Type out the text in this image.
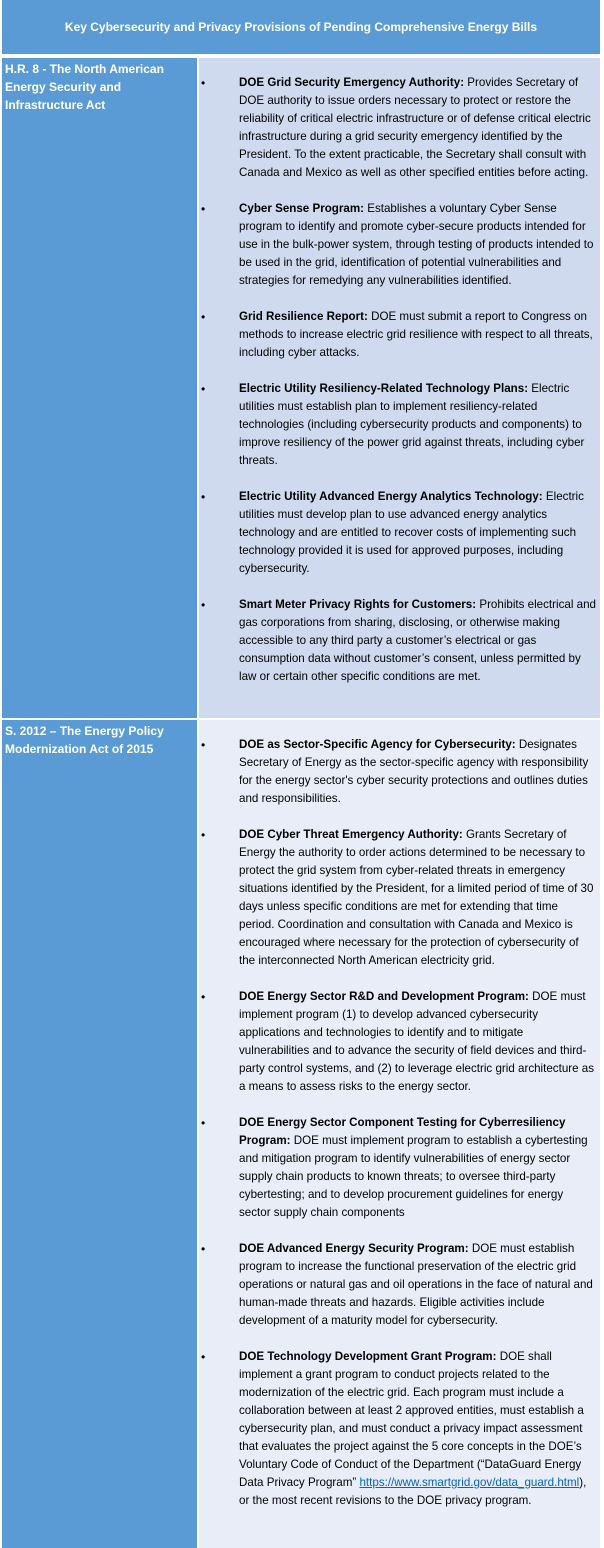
Key Cybersecurity and Privacy Provisions of Pending Comprehensive Energy Bills
H.R. 8 - The North American Energy Security and Infrastructure Act
•	DOE Grid Security Emergency Authority: Provides Secretary of DOE authority to issue orders necessary to protect or restore the reliability of critical electric infrastructure or of defense critical electric infrastructure during a grid security emergency identified by the President. To the extent practicable, the Secretary shall consult with Canada and Mexico as well as other specified entities before acting.
•	Cyber Sense Program: Establishes a voluntary Cyber Sense program to identify and promote cyber-secure products intended for use in the bulk-power system, through testing of products intended to be used in the grid, identification of potential vulnerabilities and strategies for remedying any vulnerabilities identified.
•	Grid Resilience Report: DOE must submit a report to Congress on methods to increase electric grid resilience with respect to all threats, including cyber attacks.
•	Electric Utility Resiliency-Related Technology Plans: Electric utilities must establish plan to implement resiliency-related technologies (including cybersecurity products and components) to improve resiliency of the power grid against threats, including cyber threats.
•	Electric Utility Advanced Energy Analytics Technology: Electric utilities must develop plan to use advanced energy analytics technology and are entitled to recover costs of implementing such technology provided it is used for approved purposes, including cybersecurity.
•	Smart Meter Privacy Rights for Customers: Prohibits electrical and gas corporations from sharing, disclosing, or otherwise making accessible to any third party a customer’s electrical or gas consumption data without customer’s consent, unless permitted by law or certain other specific conditions are met.
S. 2012 – The Energy Policy Modernization Act of 2015	•	DOE as Sector-Specific Agency for Cybersecurity: Designates Secretary of Energy as the sector-specific agency with responsibility for the energy sector's cyber security protections and outlines duties and responsibilities.
•	DOE Cyber Threat Emergency Authority: Grants Secretary of Energy the authority to order actions determined to be necessary to protect the grid system from cyber-related threats in emergency situations identified by the President, for a limited period of time of 30 days unless specific conditions are met for extending that time period. Coordination and consultation with Canada and Mexico is encouraged where necessary for the protection of cybersecurity of the interconnected North American electricity grid.
•	DOE Energy Sector R&D and Development Program: DOE must implement program (1) to develop advanced cybersecurity applications and technologies to identify and to mitigate vulnerabilities and to advance the security of field devices and third-party control systems, and (2) to leverage electric grid architecture as a means to assess risks to the energy sector.
•	DOE Energy Sector Component Testing for Cyberresiliency Program: DOE must implement program to establish a cybertesting and mitigation program to identify vulnerabilities of energy sector supply chain products to known threats; to oversee third-party cybertesting; and to develop procurement guidelines for energy sector supply chain components
•	DOE Advanced Energy Security Program: DOE must establish program to increase the functional preservation of the electric grid operations or natural gas and oil operations in the face of natural and human-made threats and hazards. Eligible activities include development of a maturity model for cybersecurity.
•	DOE Technology Development Grant Program: DOE shall implement a grant program to conduct projects related to the modernization of the electric grid. Each program must include a collaboration between at least 2 approved entities, must establish a cybersecurity plan, and must conduct a privacy impact assessment that evaluates the project against the 5 core concepts in the DOE’s Voluntary Code of Conduct of the Department (“DataGuard Energy Data Privacy Program” https://www.smartgrid.gov/data_guard.html), or the most recent revisions to the DOE privacy program.
